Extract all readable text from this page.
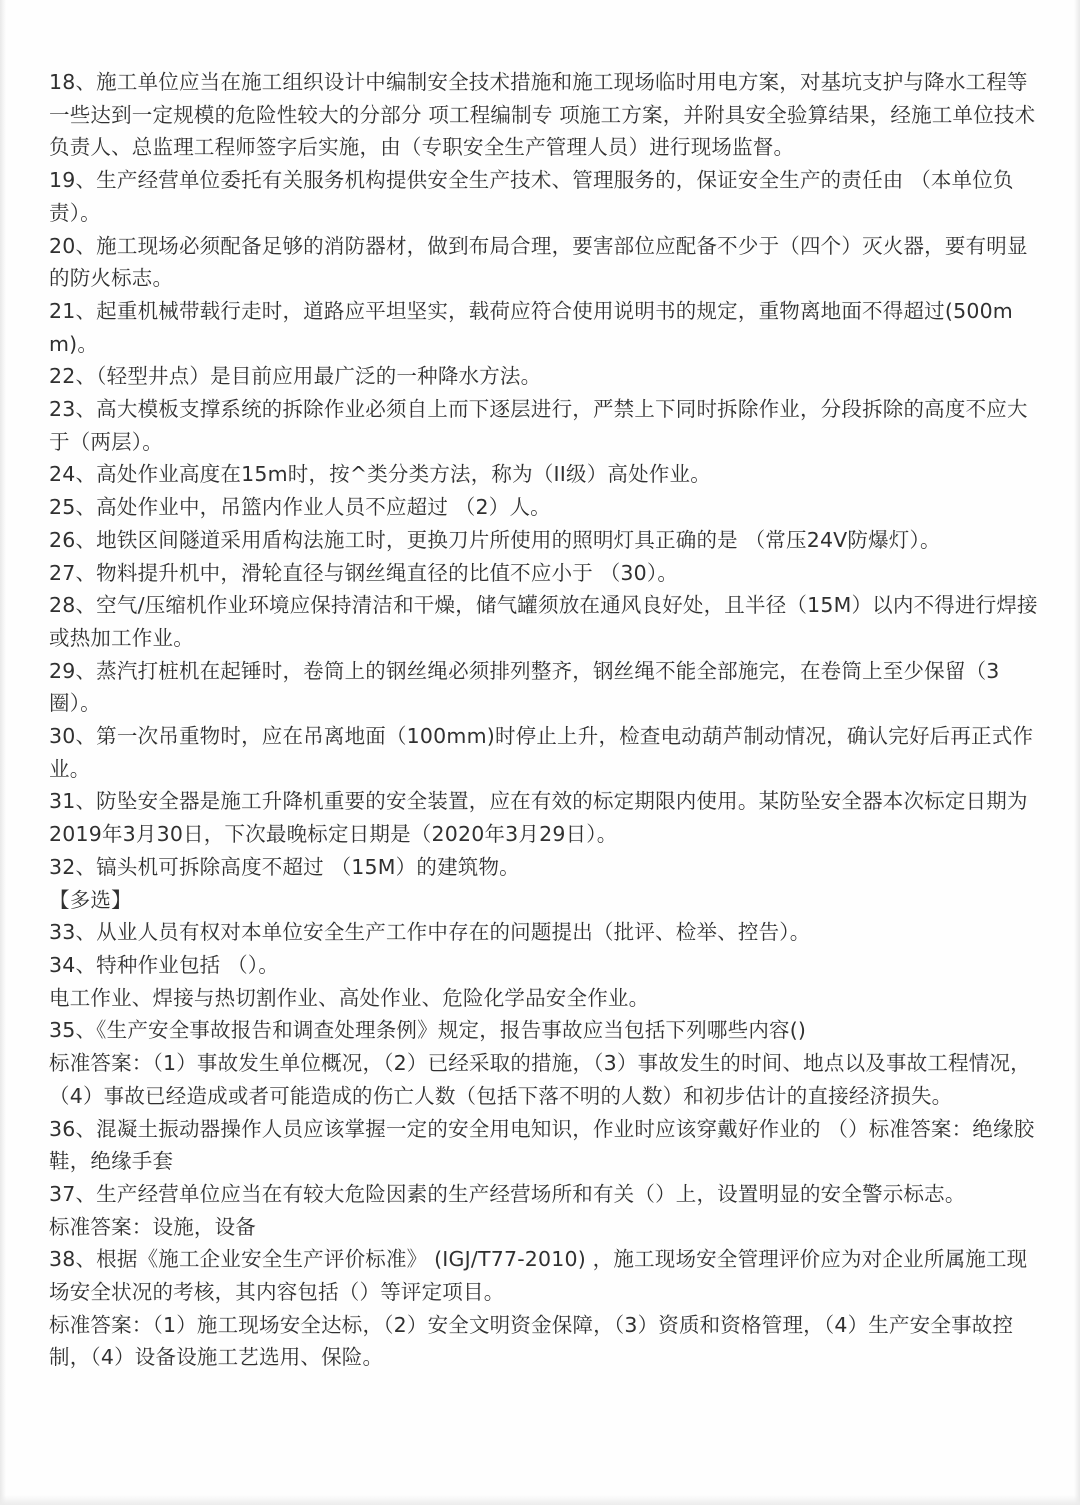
18、施工单位应当在施工组织设计中编制安全技术措施和施工现场临时用电方案，对基坑支护与降水工程等一些达到一定规模的危险性较大的分部分 项工程编制专 项施工方案，并附具安全验算结果，经施工单位技术负责人、总监理工程师签字后实施，由（专职安全生产管理人员）进行现场监督。

19、生产经营单位委托有关服务机构提供安全生产技术、管理服务的，保证安全生产的责任由 （本单位负责）。

20、施工现场必须配备足够的消防器材，做到布局合理，要害部位应配备不少于（四个）灭火器，要有明显的防火标志。

21、起重机械带载行走时，道路应平坦坚实，载荷应符合使用说明书的规定，重物离地面不得超过(500mm)。

22、（轻型井点）是目前应用最广泛的一种降水方法。

23、高大模板支撑系统的拆除作业必须自上而下逐层进行，严禁上下同时拆除作业，分段拆除的高度不应大于（两层）。

24、高处作业高度在15m时，按^类分类方法，称为（II级）高处作业。

25、高处作业中，吊篮内作业人员不应超过 （2）人。

26、地铁区间隧道采用盾构法施工时，更换刀片所使用的照明灯具正确的是 （常压24V防爆灯）。

27、物料提升机中，滑轮直径与钢丝绳直径的比值不应小于 （30）。

28、空气/压缩机作业环境应保持清洁和干燥，储气罐须放在通风良好处，且半径（15M）以内不得进行焊接或热加工作业。

29、蒸汽打桩机在起锤时，卷筒上的钢丝绳必须排列整齐，钢丝绳不能全部施完，在卷筒上至少保留（3圈）。

30、第一次吊重物时，应在吊离地面（100mm)时停止上升，检查电动葫芦制动情况，确认完好后再正式作业。

31、防坠安全器是施工升降机重要的安全装置，应在有效的标定期限内使用。某防坠安全器本次标定日期为2019年3月30日，下次最晚标定日期是（2020年3月29日）。

32、镐头机可拆除高度不超过 （15M）的建筑物。

【多选】

33、从业人员有权对本单位安全生产工作中存在的问题提出（批评、检举、控告）。

34、特种作业包括 （）。

电工作业、焊接与热切割作业、高处作业、危险化学品安全作业。

35、《生产安全事故报告和调查处理条例》规定，报告事故应当包括下列哪些内容()

标准答案：（1）事故发生单位概况，（2）已经采取的措施，（3）事故发生的时间、地点以及事故工程情况，（4）事故已经造成或者可能造成的伤亡人数（包括下落不明的人数）和初步估计的直接经济损失。

36、混凝土振动器操作人员应该掌握一定的安全用电知识，作业时应该穿戴好作业的 （）标准答案：绝缘胶鞋，绝缘手套

37、生产经营单位应当在有较大危险因素的生产经营场所和有关（）上，设置明显的安全警示标志。

标准答案：设施，设备

38、根据《施工企业安全生产评价标准》 (IGJ/T77-2010) ，施工现场安全管理评价应为对企业所属施工现场安全状况的考核，其内容包括（）等评定项目。

标准答案：（1）施工现场安全达标，（2）安全文明资金保障，（3）资质和资格管理，（4）生产安全事故控制，（4）设备设施工艺选用、保险。
